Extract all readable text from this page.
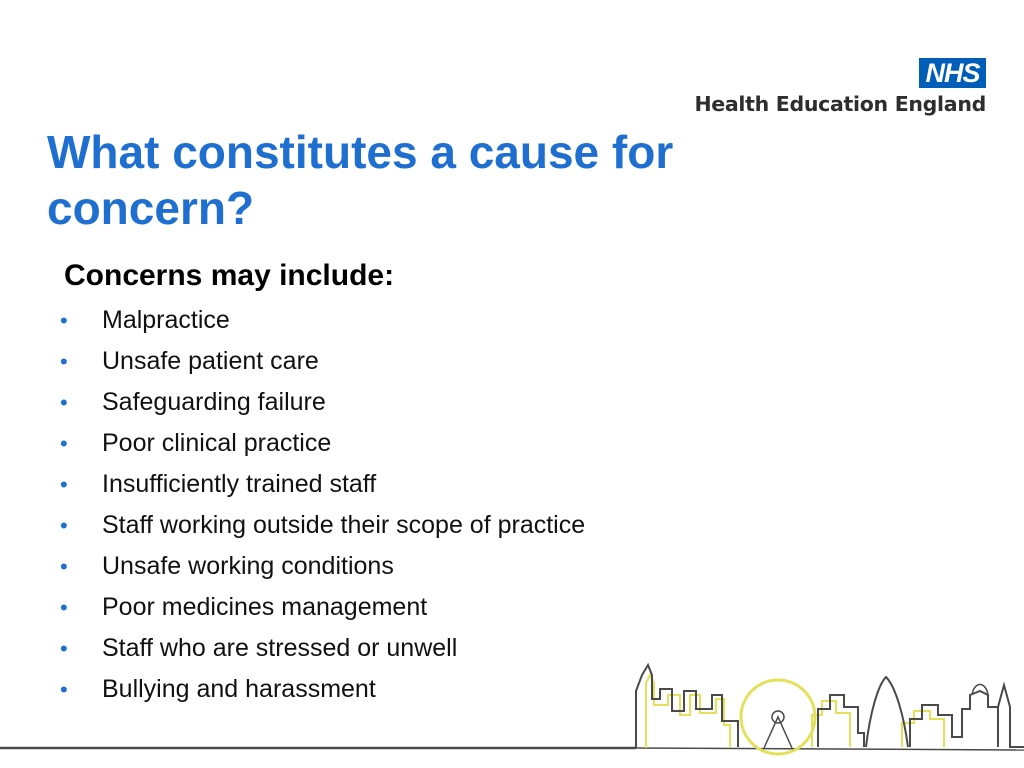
NHS
Health Education England
What constitutes a cause for concern?
Concerns may include:
• Malpractice
• Unsafe patient care
• Safeguarding failure
• Poor clinical practice
• Insufficiently trained staff
• Staff working outside their scope of practice
• Unsafe working conditions
• Poor medicines management
• Staff who are stressed or unwell
• Bullying and harassment
